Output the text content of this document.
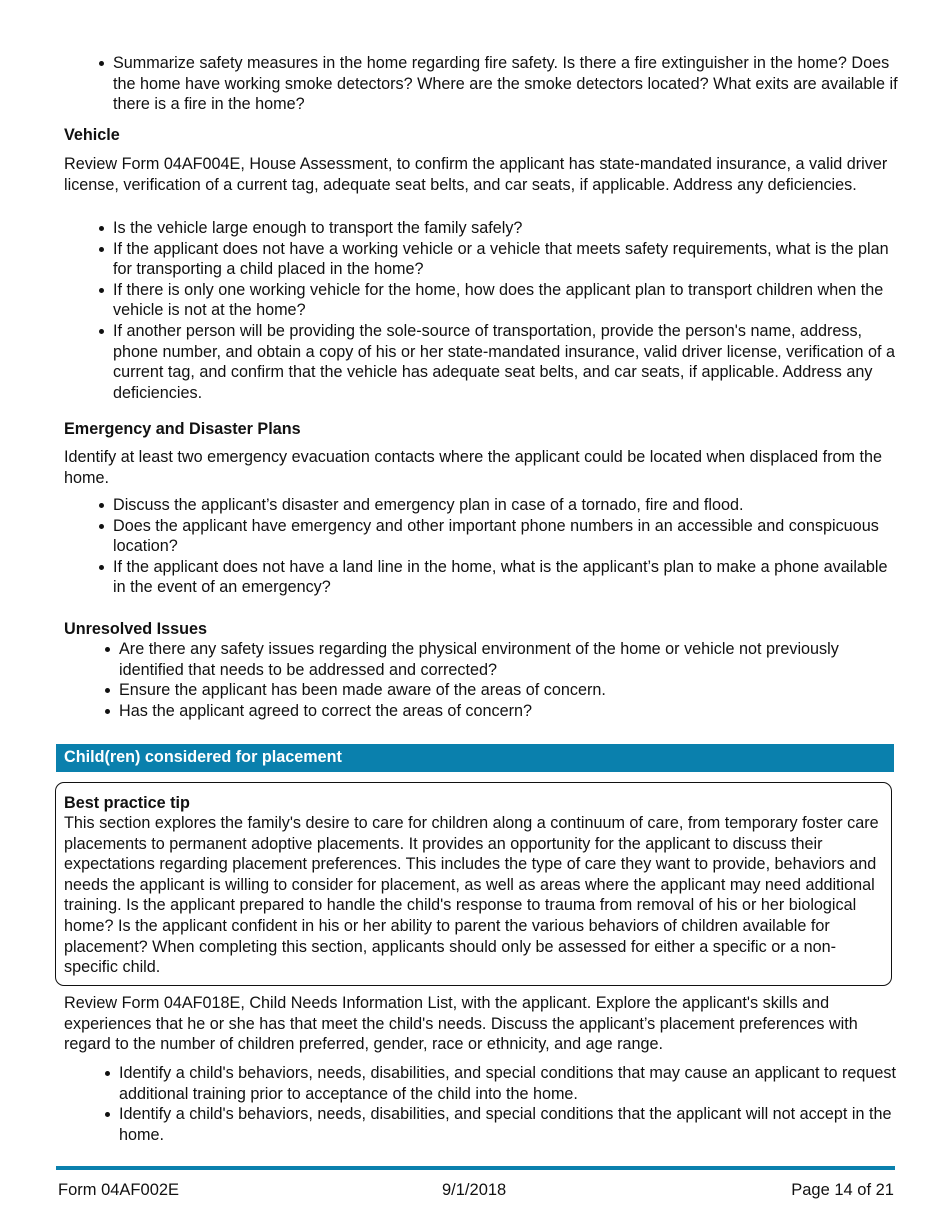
Summarize safety measures in the home regarding fire safety. Is there a fire extinguisher in the home? Does the home have working smoke detectors? Where are the smoke detectors located? What exits are available if there is a fire in the home?
Vehicle
Review Form 04AF004E, House Assessment, to confirm the applicant has state-mandated insurance, a valid driver license, verification of a current tag, adequate seat belts, and car seats, if applicable. Address any deficiencies.
Is the vehicle large enough to transport the family safely?
If the applicant does not have a working vehicle or a vehicle that meets safety requirements, what is the plan for transporting a child placed in the home?
If there is only one working vehicle for the home, how does the applicant plan to transport children when the vehicle is not at the home?
If another person will be providing the sole-source of transportation, provide the person's name, address, phone number, and obtain a copy of his or her state-mandated insurance, valid driver license, verification of a current tag, and confirm that the vehicle has adequate seat belts, and car seats, if applicable. Address any deficiencies.
Emergency and Disaster Plans
Identify at least two emergency evacuation contacts where the applicant could be located when displaced from the home.
Discuss the applicant’s disaster and emergency plan in case of a tornado, fire and flood.
Does the applicant have emergency and other important phone numbers in an accessible and conspicuous location?
If the applicant does not have a land line in the home, what is the applicant’s plan to make a phone available in the event of an emergency?
Unresolved Issues
Are there any safety issues regarding the physical environment of the home or vehicle not previously identified that needs to be addressed and corrected?
Ensure the applicant has been made aware of the areas of concern.
Has the applicant agreed to correct the areas of concern?
Child(ren) considered for placement
Best practice tip
This section explores the family's desire to care for children along a continuum of care, from temporary foster care placements to permanent adoptive placements. It provides an opportunity for the applicant to discuss their expectations regarding placement preferences. This includes the type of care they want to provide, behaviors and needs the applicant is willing to consider for placement, as well as areas where the applicant may need additional training. Is the applicant prepared to handle the child's response to trauma from removal of his or her biological home? Is the applicant confident in his or her ability to parent the various behaviors of children available for placement? When completing this section, applicants should only be assessed for either a specific or a non-specific child.
Review Form 04AF018E, Child Needs Information List, with the applicant. Explore the applicant's skills and experiences that he or she has that meet the child's needs. Discuss the applicant’s placement preferences with regard to the number of children preferred, gender, race or ethnicity, and age range.
Identify a child's behaviors, needs, disabilities, and special conditions that may cause an applicant to request additional training prior to acceptance of the child into the home.
Identify a child's behaviors, needs, disabilities, and special conditions that the applicant will not accept in the home.
Form 04AF002E	9/1/2018	Page 14 of 21
